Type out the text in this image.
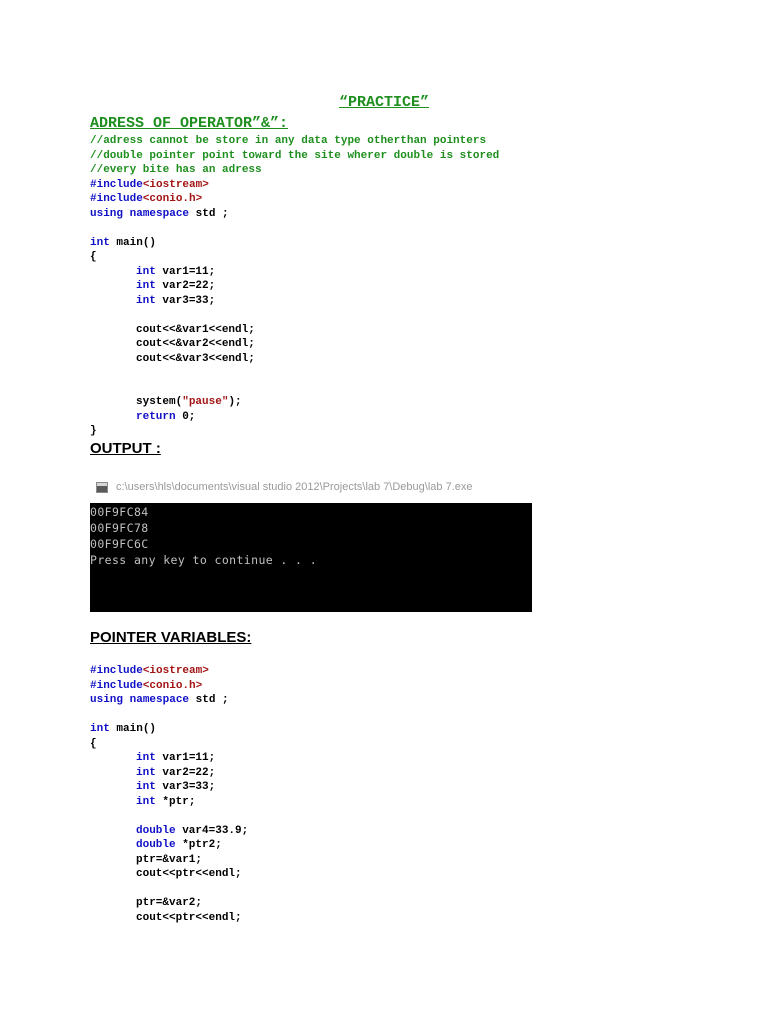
“PRACTICE”
ADRESS OF OPERATOR”&”:
//adress cannot be store in any data type otherthan pointers
//double pointer point toward the site wherer double is stored
//every bite has an adress
#include<iostream>
#include<conio.h>
using namespace std ;
int main()
{
int var1=11;
int var2=22;
int var3=33;
cout<<&var1<<endl;
cout<<&var2<<endl;
cout<<&var3<<endl;
system("pause");
return 0;
}
OUTPUT :
c:\users\hls\documents\visual studio 2012\Projects\lab 7\Debug\lab 7.exe
00F9FC84
00F9FC78
00F9FC6C
Press any key to continue . . .
POINTER VARIABLES:
#include<iostream>
#include<conio.h>
using namespace std ;
int main()
{
int var1=11;
int var2=22;
int var3=33;
int *ptr;
double var4=33.9;
double *ptr2;
ptr=&var1;
cout<<ptr<<endl;
ptr=&var2;
cout<<ptr<<endl;
